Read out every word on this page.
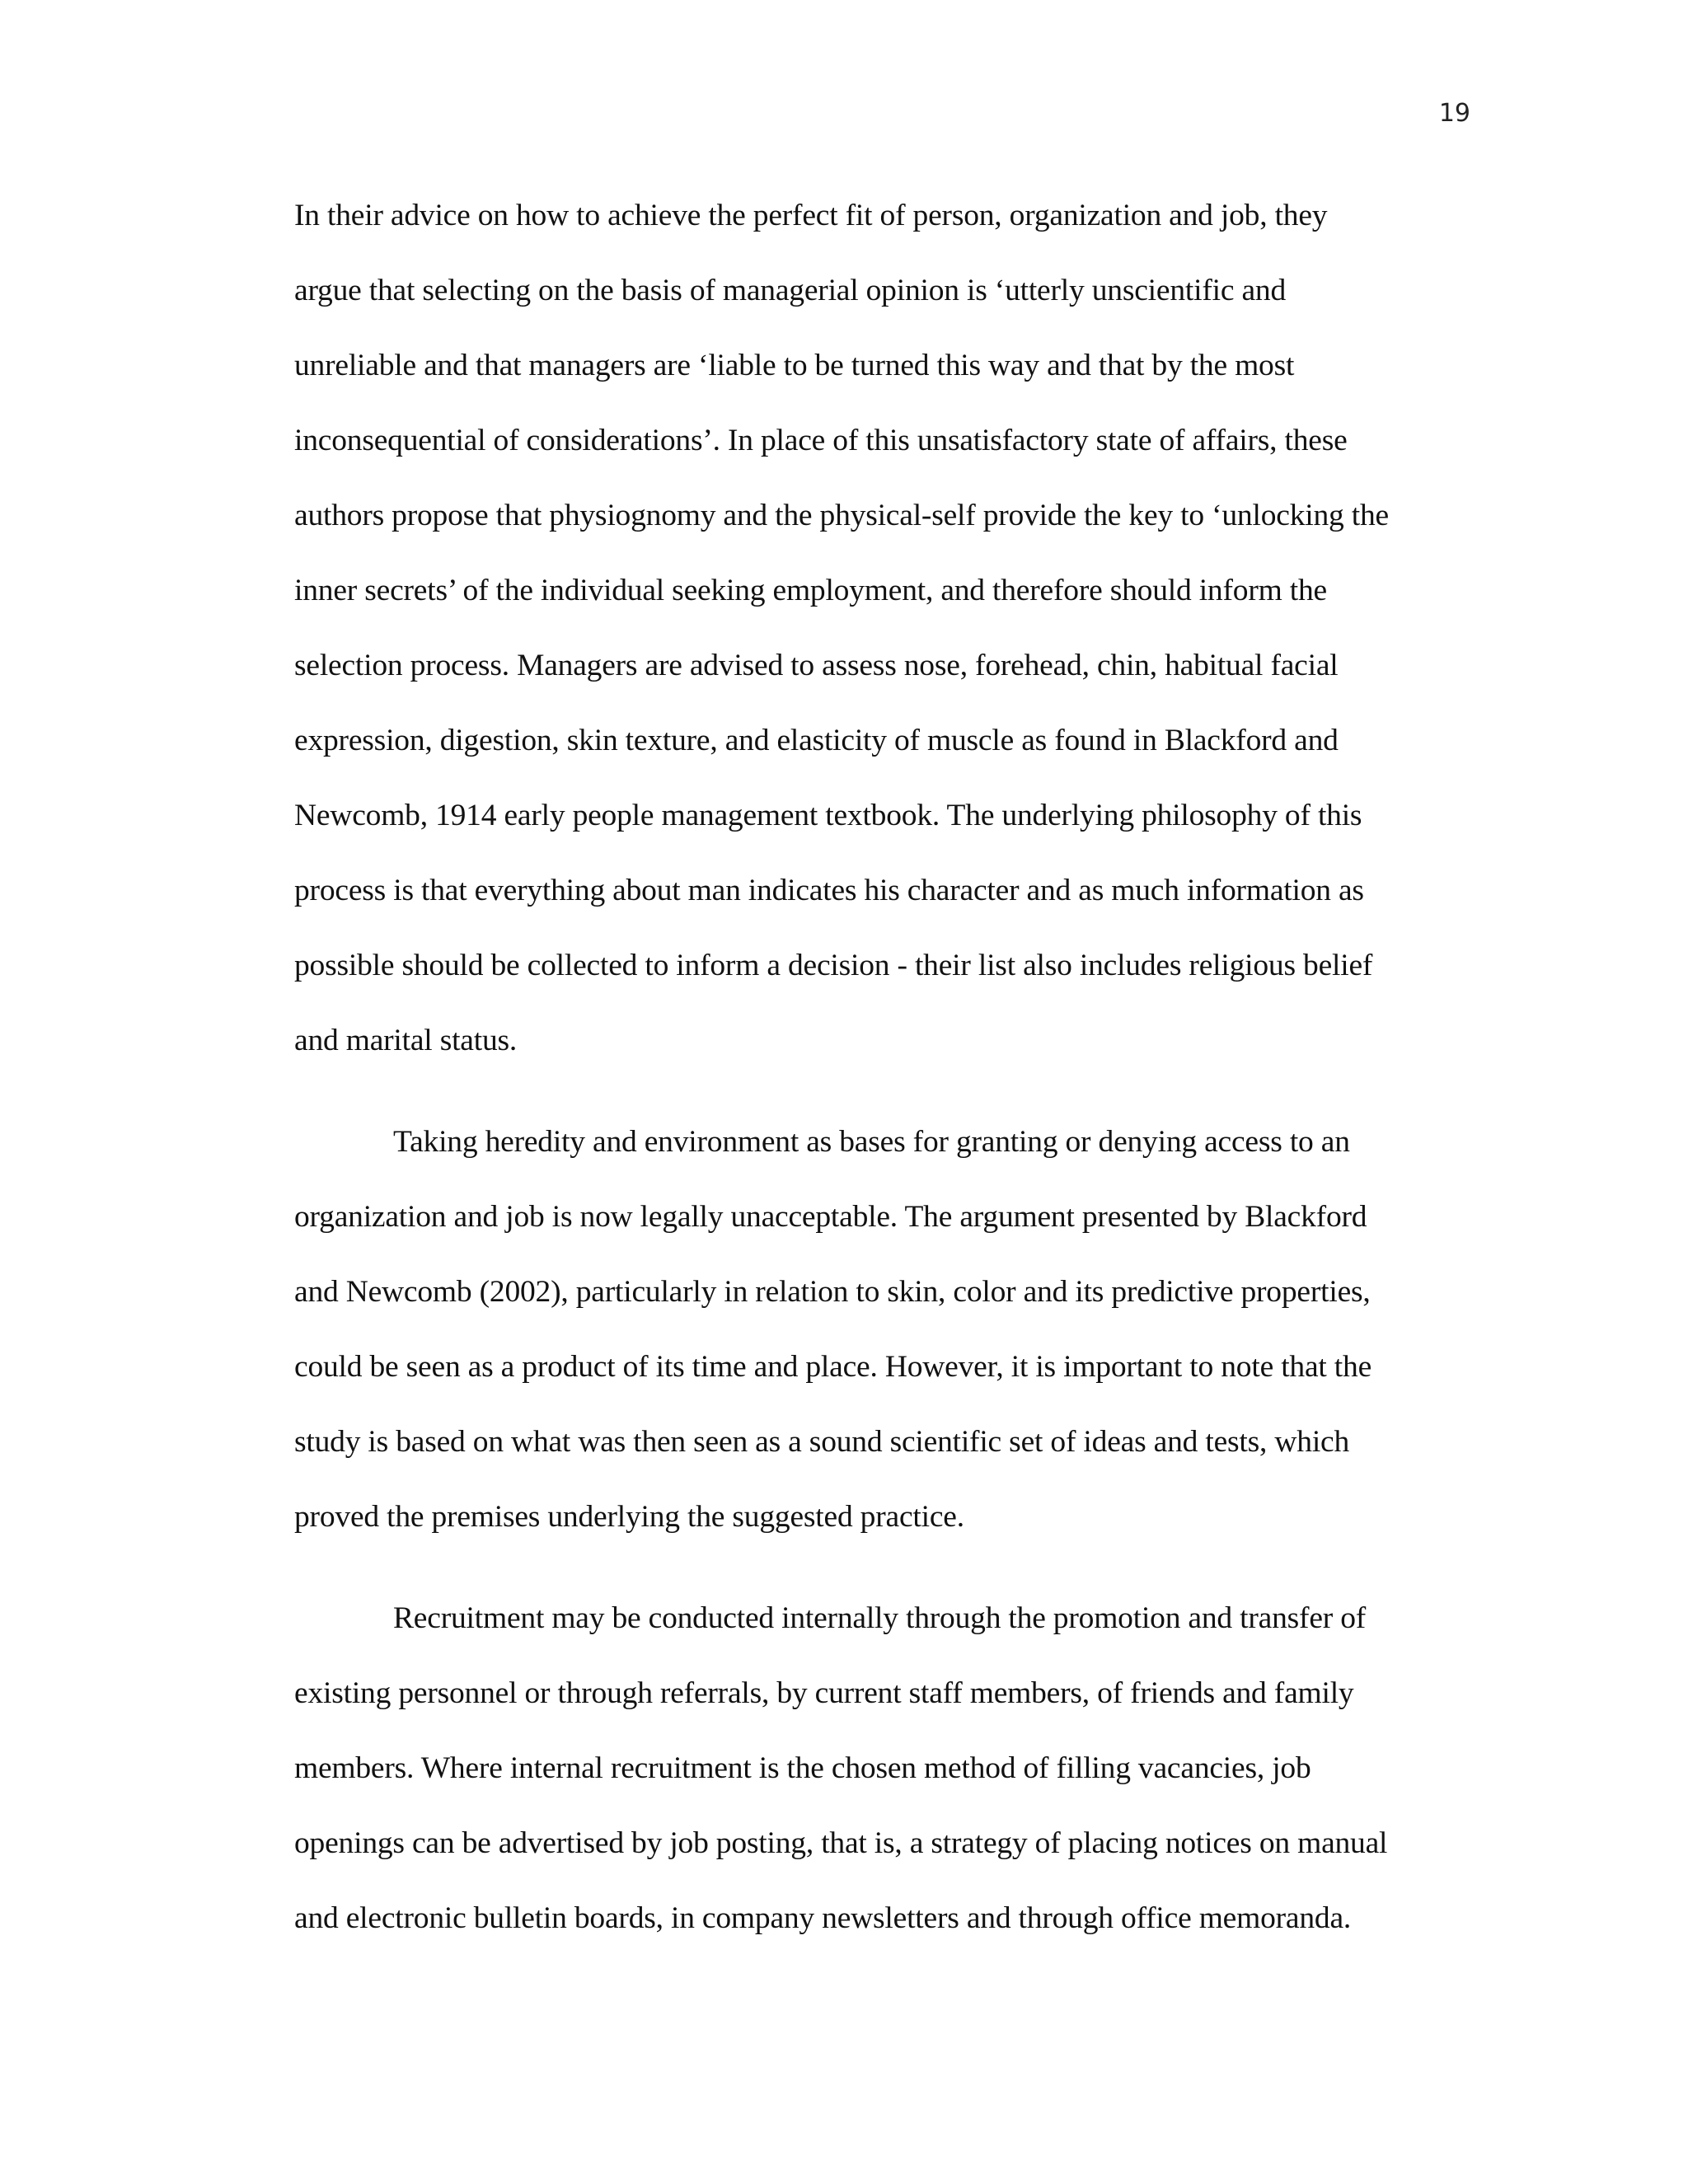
19
In their advice on how to achieve the perfect fit of person, organization and job, they
argue that selecting on the basis of managerial opinion is ‘utterly unscientific and
unreliable and that managers are ‘liable to be turned this way and that by the most
inconsequential of considerations’. In place of this unsatisfactory state of affairs, these
authors propose that physiognomy and the physical-self provide the key to ‘unlocking the
inner secrets’ of the individual seeking employment, and therefore should inform the
selection process. Managers are advised to assess nose, forehead, chin, habitual facial
expression, digestion, skin texture, and elasticity of muscle as found in Blackford and
Newcomb, 1914 early people management textbook. The underlying philosophy of this
process is that everything about man indicates his character and as much information as
possible should be collected to inform a decision - their list also includes religious belief
and marital status.
Taking heredity and environment as bases for granting or denying access to an
organization and job is now legally unacceptable. The argument presented by Blackford
and Newcomb (2002), particularly in relation to skin, color and its predictive properties,
could be seen as a product of its time and place. However, it is important to note that the
study is based on what was then seen as a sound scientific set of ideas and tests, which
proved the premises underlying the suggested practice.
Recruitment may be conducted internally through the promotion and transfer of
existing personnel or through referrals, by current staff members, of friends and family
members. Where internal recruitment is the chosen method of filling vacancies, job
openings can be advertised by job posting, that is, a strategy of placing notices on manual
and electronic bulletin boards, in company newsletters and through office memoranda.
